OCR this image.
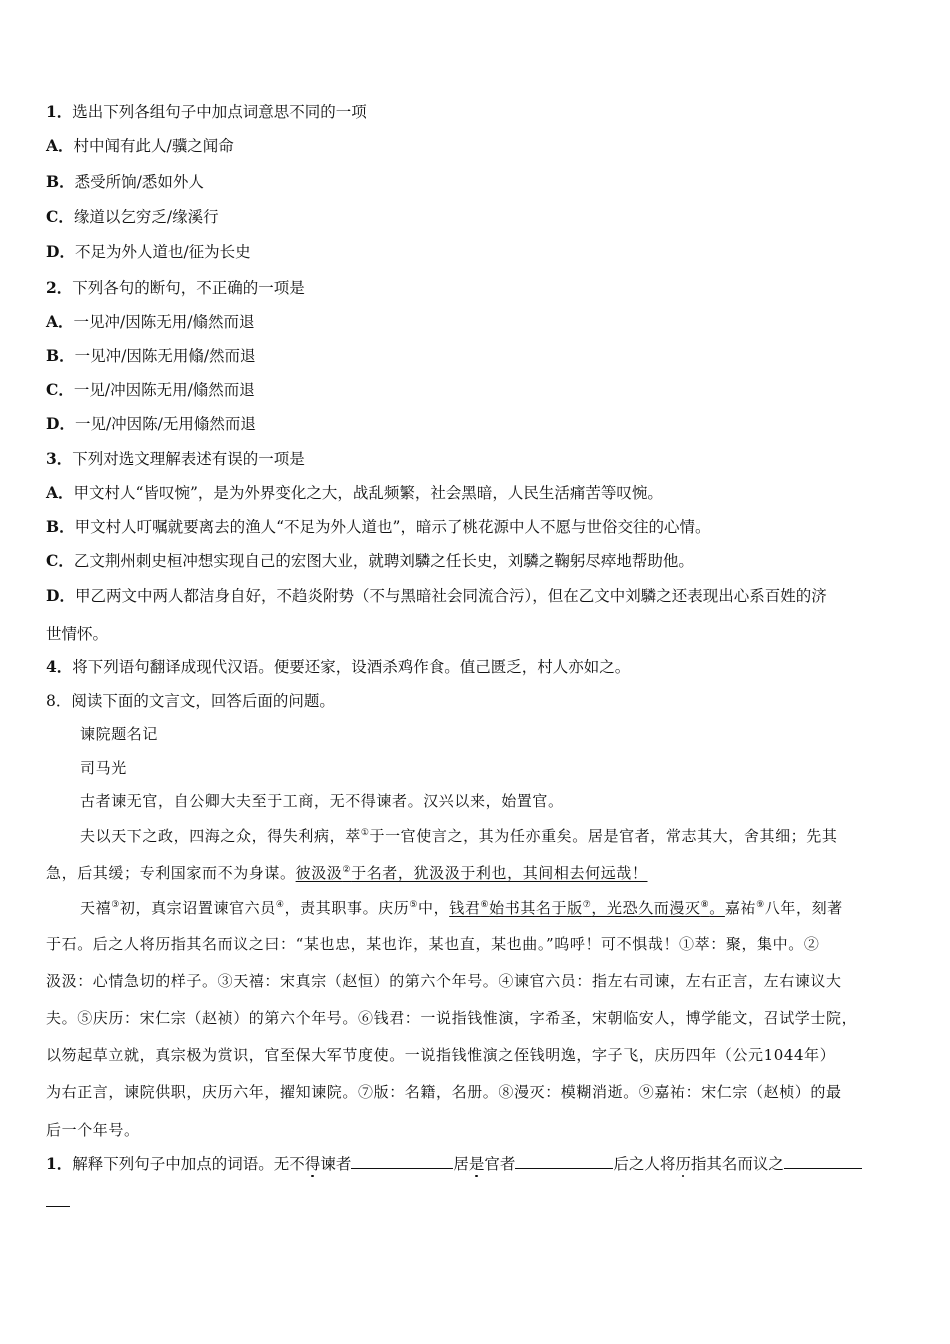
1．选出下列各组句子中加点词意思不同的一项
A．村中闻有此人/骥之闻命
B．悉受所饷/悉如外人
C．缘道以乞穷乏/缘溪行
D．不足为外人道也/征为长史
2．下列各句的断句，不正确的一项是
A．一见冲/因陈无用/翛然而退
B．一见冲/因陈无用翛/然而退
C．一见/冲因陈无用/翛然而退
D．一见/冲因陈/无用翛然而退
3．下列对选文理解表述有误的一项是
A．甲文村人“皆叹惋”，是为外界变化之大，战乱频繁，社会黑暗，人民生活痛苦等叹惋。
B．甲文村人叮嘱就要离去的渔人“不足为外人道也”，暗示了桃花源中人不愿与世俗交往的心情。
C．乙文荆州刺史桓冲想实现自己的宏图大业，就聘刘驎之任长史，刘驎之鞠躬尽瘁地帮助他。
D．甲乙两文中两人都洁身自好，不趋炎附势（不与黑暗社会同流合污），但在乙文中刘驎之还表现出心系百姓的济
世情怀。
4．将下列语句翻译成现代汉语。便要还家，设酒杀鸡作食。值己匮乏，村人亦如之。
8．阅读下面的文言文，回答后面的问题。
谏院题名记
司马光
古者谏无官，自公卿大夫至于工商，无不得谏者。汉兴以来，始置官。
夫以天下之政，四海之众，得失利病，萃①于一官使言之，其为任亦重矣。居是官者，常志其大，舍其细；先其
急，后其缓；专利国家而不为身谋。彼汲汲②于名者，犹汲汲于利也，其间相去何远哉！
天禧③初，真宗诏置谏官六员④，责其职事。庆历⑤中，钱君⑥始书其名于版⑦，光恐久而漫灭⑧。嘉祐⑨八年，刻著
于石。后之人将历指其名而议之曰：“某也忠，某也诈，某也直，某也曲。”呜呼！可不惧哉！①萃：聚，集中。②
汲汲：心情急切的样子。③天禧：宋真宗（赵恒）的第六个年号。④谏官六员：指左右司谏，左右正言，左右谏议大
夫。⑤庆历：宋仁宗（赵祯）的第六个年号。⑥钱君：一说指钱惟演，字希圣，宋朝临安人，博学能文，召试学士院，
以笏起草立就，真宗极为赏识，官至保大军节度使。一说指钱惟演之侄钱明逸，字子飞，庆历四年（公元1044年）
为右正言，谏院供职，庆历六年，擢知谏院。⑦版：名籍，名册。⑧漫灭：模糊消逝。⑨嘉祐：宋仁宗（赵桢）的最
后一个年号。
1．解释下列句子中加点的词语。无不得谏者	居是官者	后之人将历指其名而议之
